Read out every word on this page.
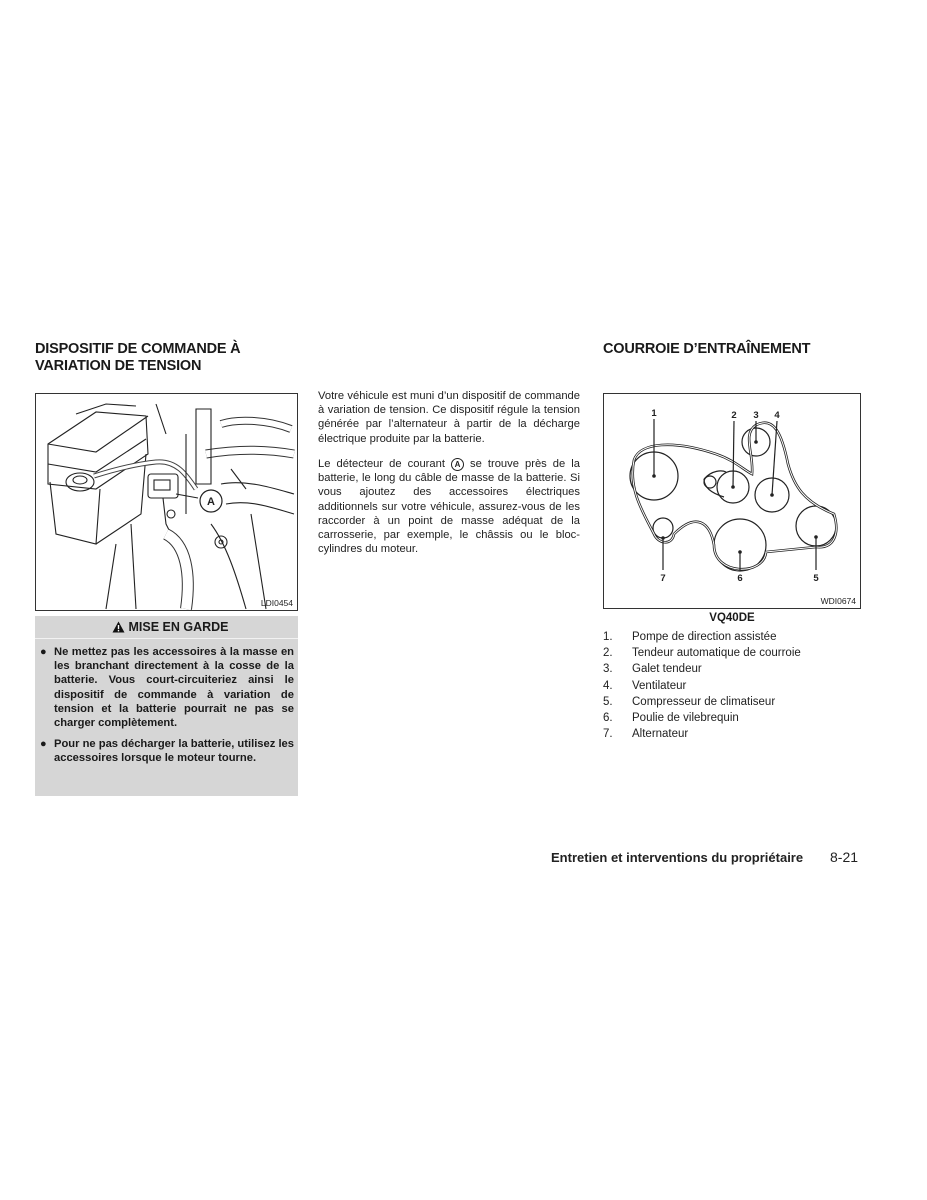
DISPOSITIF DE COMMANDE À VARIATION DE TENSION
A
LDI0454
MISE EN GARDE
● Ne mettez pas les accessoires à la masse en les branchant directement à la cosse de la batterie. Vous court-circuiteriez ainsi le dispositif de commande à variation de tension et la batterie pourrait ne pas se charger complètement.
● Pour ne pas décharger la batterie, utilisez les accessoires lorsque le moteur tourne.

Votre véhicule est muni d’un dispositif de commande à variation de tension. Ce dispositif régule la tension générée par l’alternateur à partir de la décharge électrique produite par la batterie.

Le détecteur de courant A se trouve près de la batterie, le long du câble de masse de la batterie. Si vous ajoutez des accessoires électriques additionnels sur votre véhicule, assurez-vous de les raccorder à un point de masse adéquat de la carrosserie, par exemple, le châssis ou le bloc-cylindres du moteur.

COURROIE D’ENTRAÎNEMENT
1	2 3 4
5
6
7
WDI0674
VQ40DE
1. Pompe de direction assistée
2. Tendeur automatique de courroie
3. Galet tendeur
4. Ventilateur
5. Compresseur de climatiseur
6. Poulie de vilebrequin
7. Alternateur
Entretien et interventions du propriétaire 8-21
